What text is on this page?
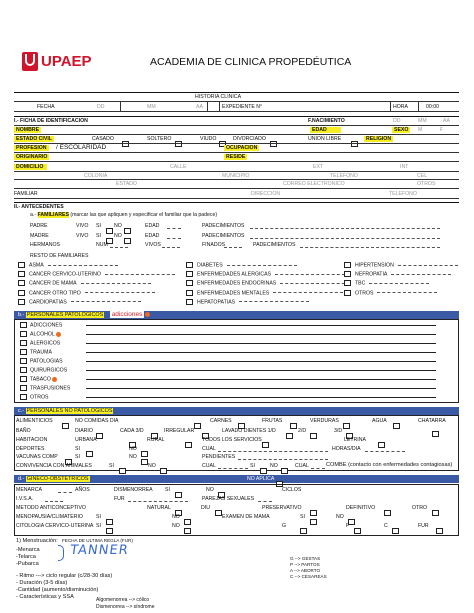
UPAEP	ACADEMIA DE CLINICA PROPEDÉUTICA
HISTORIA CLINICA
FECHA	DD	MM	AA	EXPEDIENTE N°	HORA	00:00
I.- FICHA DE IDENTIFICACION	F.NACIMIENTO	DD	MM	AA
NOMBRE	EDAD	SEXO	M	F
ESTADO CIVIL	CASADO	SOLTERO	VIUDO	DIVORCIADO	UNION LIBRE	RELIGION
PROFESION	/ ESCOLARIDAD	OCUPACION
ORIGINARIO	RESIDE
DOMICILIO	CALLE	EXT	INT
COLONIA	MUNICIPIO	TELEFONO	CEL
ESTADO	CORREO ELECTRONICO	OTROS
FAMILIAR	DIRECCION	TELEFONO
II.- ANTECEDENTES
a.- FAMILIARES (marcar las que apliquen y especificar el familiar que la padece)
PADRE	VIVO SI	NO	EDAD	PADECIMIENTOS
MADRE	VIVO SI	NO	EDAD	PADECIMIENTOS
HERMANOS	NUM	VIVOS	FINADOS	PADECIMIENTOS
RESTO DE FAMILIARES
ASMA
CANCER CERVICO-UTERINO
CANCER DE MAMA
CANCER OTRO TIPO
CARDIOPATIAS
DIABETES
ENFERMEDADES ALERGICAS
ENFERMEDADES ENDOCRINAS
ENFERMEDADES MENTALES
HEPATOPATIAS
HIPERTENSION
NEFROPATIA
TBC
OTROS
b.- PERSONALES PATOLÓGICOS adicciones
ADICCIONES
ALCOHOL
ALERGICOS
TRAUMA
PATOLOGIAS
QUIRURGICOS
TABACO
TRASFUSIONES
OTROS
c.- PERSONALES NO PATOLOGICOS
ALIMENTICIOS	NO COMIDAS DIA	CARNES	FRUTAS	VERDURAS	AGUA	CHATARRA
BAÑO	DIARIO	CADA 3/D	IRREGULAR	LAVADO DIENTES 1/D	2/D	3/D
HABITACION	URBANA	RURAL	TODOS LOS SERVICIOS	LETRINA
DEPORTES	SI	NO	CUAL	HORAS/DIA
VACUNAS COMP	SI	NO	PENDIENTES
CONVIVENCIA CON ANIMALES	SI	NO	CUAL	SI	NO	CUAL	COMBE (contacto con enfermedades contagiosas)
d.- GINECO-OBSTETRICOS	NO APLICA
MENARCA	AÑOS	DISMENORREA SI	NO	CICLOS
I.V.S.A.	FUR	PAREJAS SEXUALES
METODO ANTICONCEPTIVO	NATURAL	DIU	PRESERVATIVO	DEFINITIVO	OTRO
MENOPAUSIA/CLIMATERIO	SI	NO	EXAMEN DE MAMA	SI	NO
CITOLOGIA CERVICO-UTERINA SI	NO	G	P	C	FUR
1) Menstruación: FECHA DE ULTIMA REGLA (FUR)
-Menarca
-Telarca
-Pubarca
TANNER
- Ritmo ---> ciclo regular (c/28-30 días)
- Duración (3-5 días)
-Cantidad (aumento/disminución)
- Características y SSA	Algomenorrea --> cólico
Dismenorrea --> síndrome
G --> GESTAS
P --> PARTOS
A --> ABORTO
C --> CESAREAS
